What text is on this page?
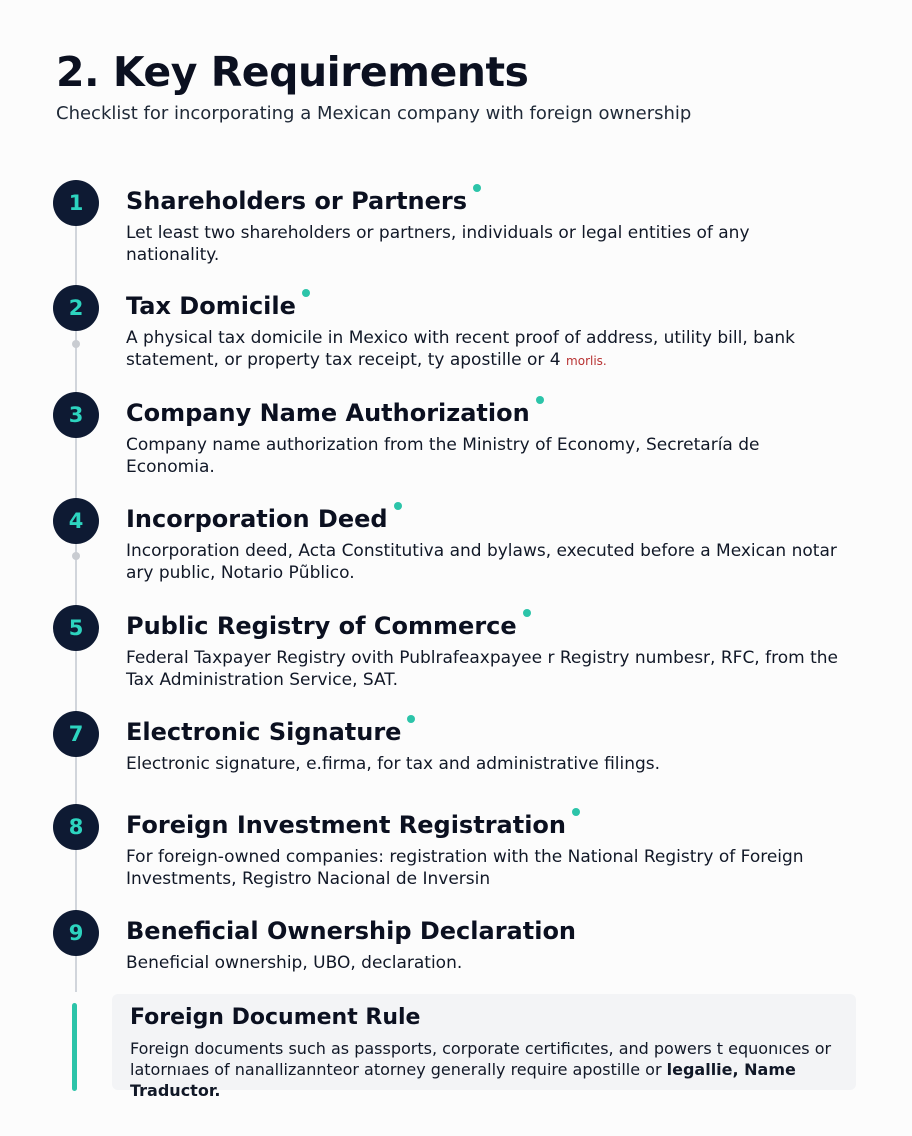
2. Key Requirements

Checklist for incorporating a Mexican company with foreign ownership

1	Shareholders or Partners
Let least two shareholders or partners, individuals or legal entities of any nationality.
2	Tax Domicile
A physical tax domicile in Mexico with recent proof of address, utility bill, bank statement, or property tax receipt, ty apostille or 4 morlis.
3	Company Name Authorization
Company name authorization from the Ministry of Economy, Secretaría de Economia.
4	Incorporation Deed
Incorporation deed, Acta Constitutiva and bylaws, executed before a Mexican notar ary public, Notario Pũblico.
5	Public Registry of Commerce
Federal Taxpayer Registry ovith Publrafeaxpayee r Registry numbesr, RFC, from the Tax Administration Service, SAT.
7	Electronic Signature
Electronic signature, e.firma, for tax and administrative filings.
8	Foreign Investment Registration
For foreign-owned companies: registration with the National Registry of Foreign Investments, Registro Nacional de Inversin
9	Beneficial Ownership Declaration
Beneficial ownership, UBO, declaration.
Foreign Document Rule
Foreign documents such as passports, corporate certificıtes, and powers t equonıces or latornıaes of nanallizanntеor atorney generally require apostille or legallie, Name Traductor.
